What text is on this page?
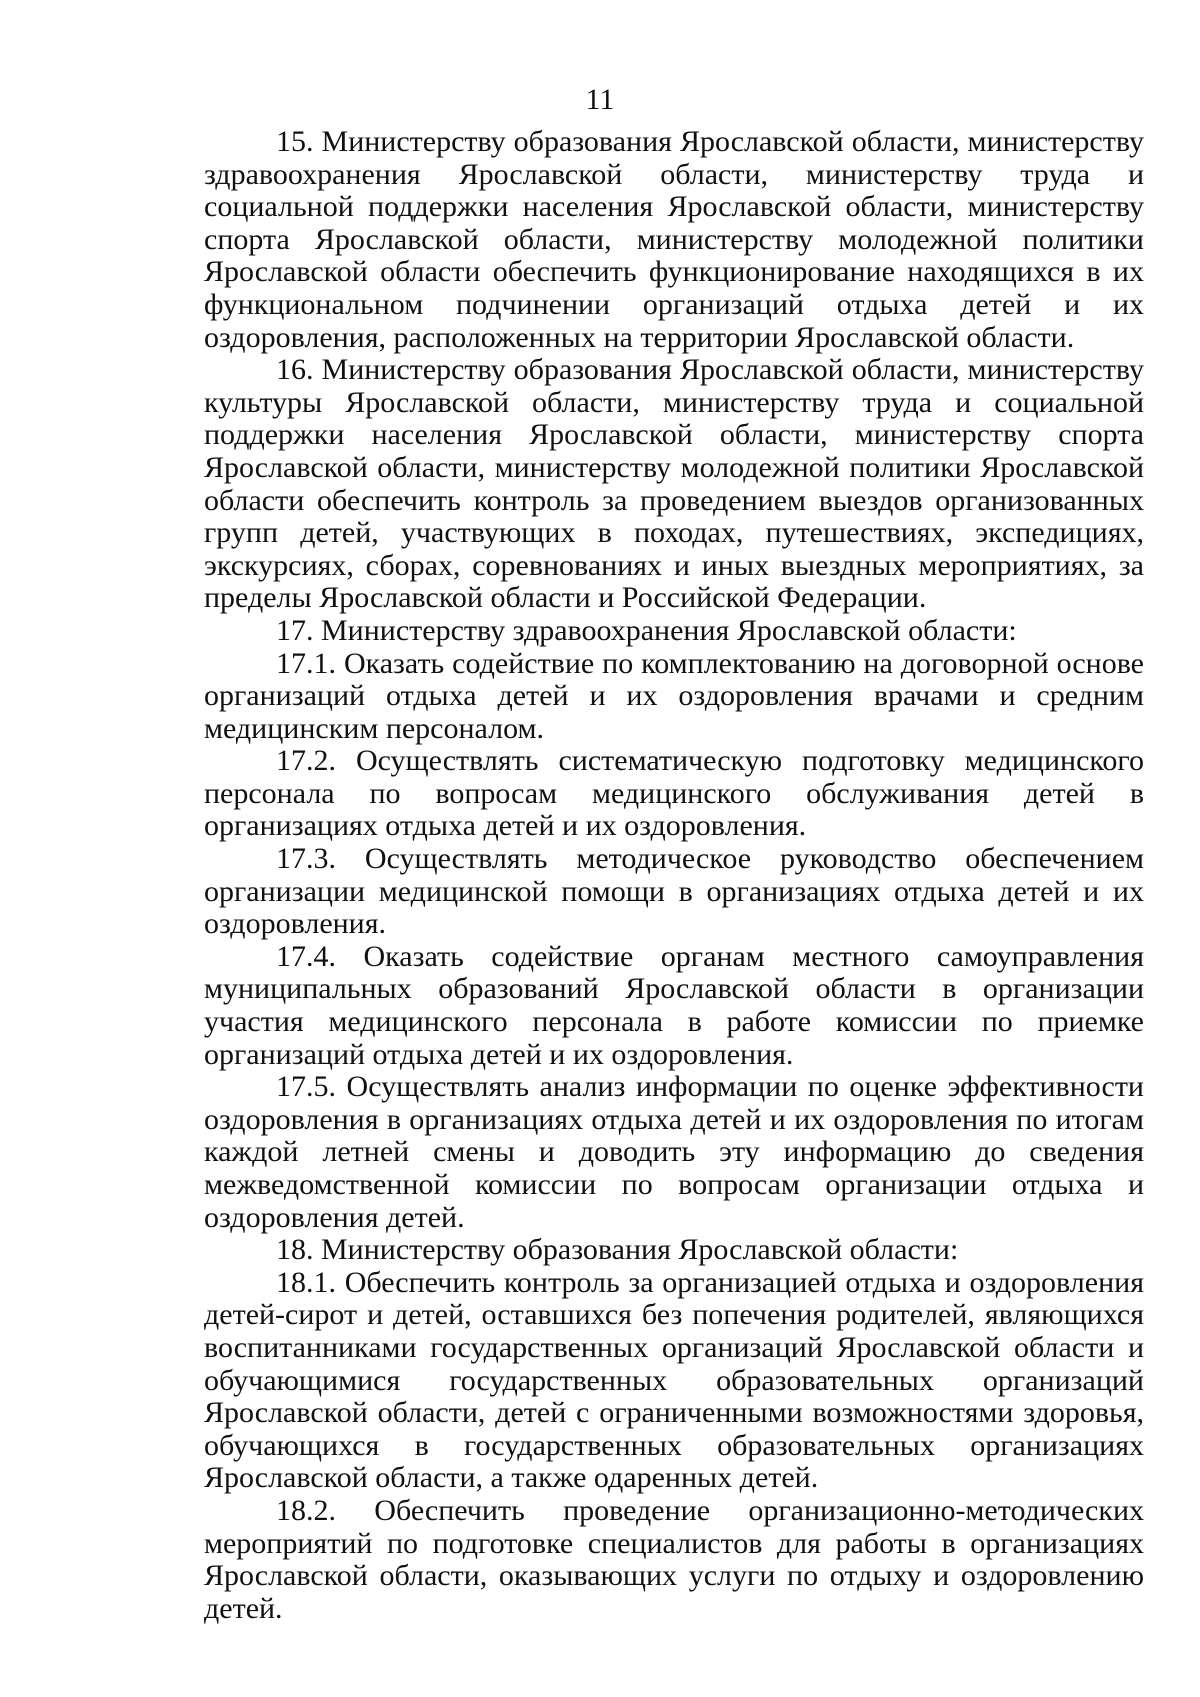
11

15. Министерству образования Ярославской области, министерству здравоохранения Ярославской области, министерству труда и социальной поддержки населения Ярославской области, министерству спорта Ярославской области, министерству молодежной политики Ярославской области обеспечить функционирование находящихся в их функциональном подчинении организаций отдыха детей и их оздоровления, расположенных на территории Ярославской области.

16. Министерству образования Ярославской области, министерству культуры Ярославской области, министерству труда и социальной поддержки населения Ярославской области, министерству спорта Ярославской области, министерству молодежной политики Ярославской области обеспечить контроль за проведением выездов организованных групп детей, участвующих в походах, путешествиях, экспедициях, экскурсиях, сборах, соревнованиях и иных выездных мероприятиях, за пределы Ярославской области и Российской Федерации.

17. Министерству здравоохранения Ярославской области:

17.1. Оказать содействие по комплектованию на договорной основе организаций отдыха детей и их оздоровления врачами и средним медицинским персоналом.

17.2. Осуществлять систематическую подготовку медицинского персонала по вопросам медицинского обслуживания детей в организациях отдыха детей и их оздоровления.

17.3. Осуществлять методическое руководство обеспечением организации медицинской помощи в организациях отдыха детей и их оздоровления.

17.4. Оказать содействие органам местного самоуправления муниципальных образований Ярославской области в организации участия медицинского персонала в работе комиссии по приемке организаций отдыха детей и их оздоровления.

17.5. Осуществлять анализ информации по оценке эффективности оздоровления в организациях отдыха детей и их оздоровления по итогам каждой летней смены и доводить эту информацию до сведения межведомственной комиссии по вопросам организации отдыха и оздоровления детей.

18. Министерству образования Ярославской области:

18.1. Обеспечить контроль за организацией отдыха и оздоровления детей-сирот и детей, оставшихся без попечения родителей, являющихся воспитанниками государственных организаций Ярославской области и обучающимися государственных образовательных организаций Ярославской области, детей с ограниченными возможностями здоровья, обучающихся в государственных образовательных организациях Ярославской области, а также одаренных детей.

18.2. Обеспечить проведение организационно-методических мероприятий по подготовке специалистов для работы в организациях Ярославской области, оказывающих услуги по отдыху и оздоровлению детей.
